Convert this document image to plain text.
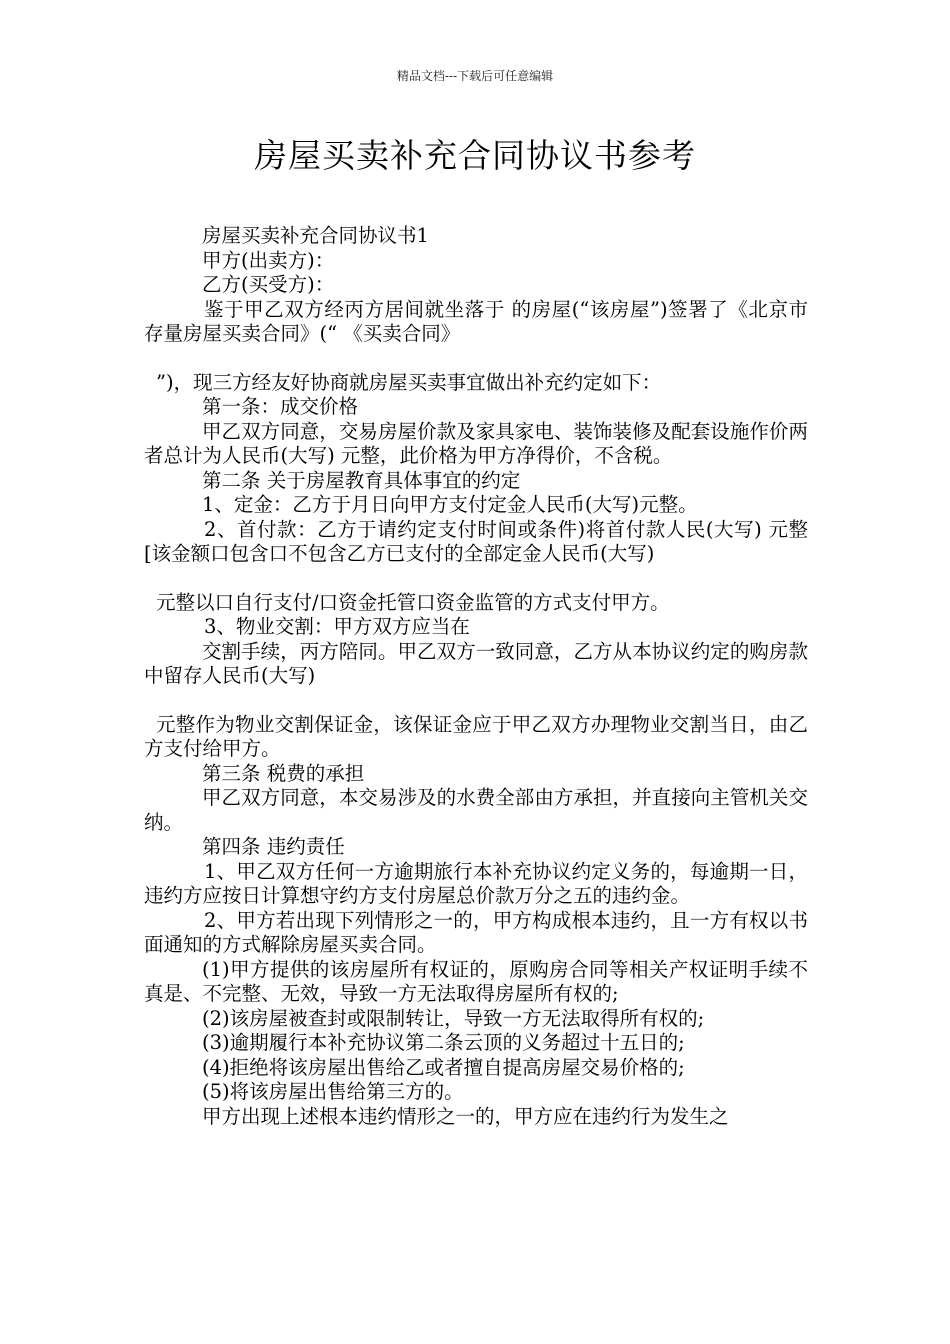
精品文档---下载后可任意编辑
房屋买卖补充合同协议书参考

房屋买卖补充合同协议书1

甲方(出卖方)：

乙方(买受方)：

鉴于甲乙双方经丙方居间就坐落于 的房屋(“该房屋”)签署了《北京市存量房屋买卖合同》(“ 《买卖合同》

”)，现三方经友好协商就房屋买卖事宜做出补充约定如下：

第一条：成交价格

甲乙双方同意，交易房屋价款及家具家电、装饰装修及配套设施作价两者总计为人民币(大写) 元整，此价格为甲方净得价，不含税。

第二条 关于房屋教育具体事宜的约定

1、定金：乙方于月日向甲方支付定金人民币(大写)元整。

2、首付款：乙方于请约定支付时间或条件)将首付款人民(大写) 元整[该金额口包含口不包含乙方已支付的全部定金人民币(大写)

元整以口自行支付/口资金托管口资金监管的方式支付甲方。

3、物业交割：甲方双方应当在

交割手续，丙方陪同。甲乙双方一致同意，乙方从本协议约定的购房款中留存人民币(大写)

元整作为物业交割保证金，该保证金应于甲乙双方办理物业交割当日，由乙方支付给甲方。

第三条 税费的承担

甲乙双方同意，本交易涉及的水费全部由方承担，并直接向主管机关交纳。

第四条 违约责任

1、甲乙双方任何一方逾期旅行本补充协议约定义务的，每逾期一日，违约方应按日计算想守约方支付房屋总价款万分之五的违约金。

2、甲方若出现下列情形之一的，甲方构成根本违约，且一方有权以书面通知的方式解除房屋买卖合同。

(1)甲方提供的该房屋所有权证的，原购房合同等相关产权证明手续不真是、不完整、无效，导致一方无法取得房屋所有权的;

(2)该房屋被查封或限制转让，导致一方无法取得所有权的;

(3)逾期履行本补充协议第二条云顶的义务超过十五日的;

(4)拒绝将该房屋出售给乙或者擅自提高房屋交易价格的;

(5)将该房屋出售给第三方的。

甲方出现上述根本违约情形之一的，甲方应在违约行为发生之
